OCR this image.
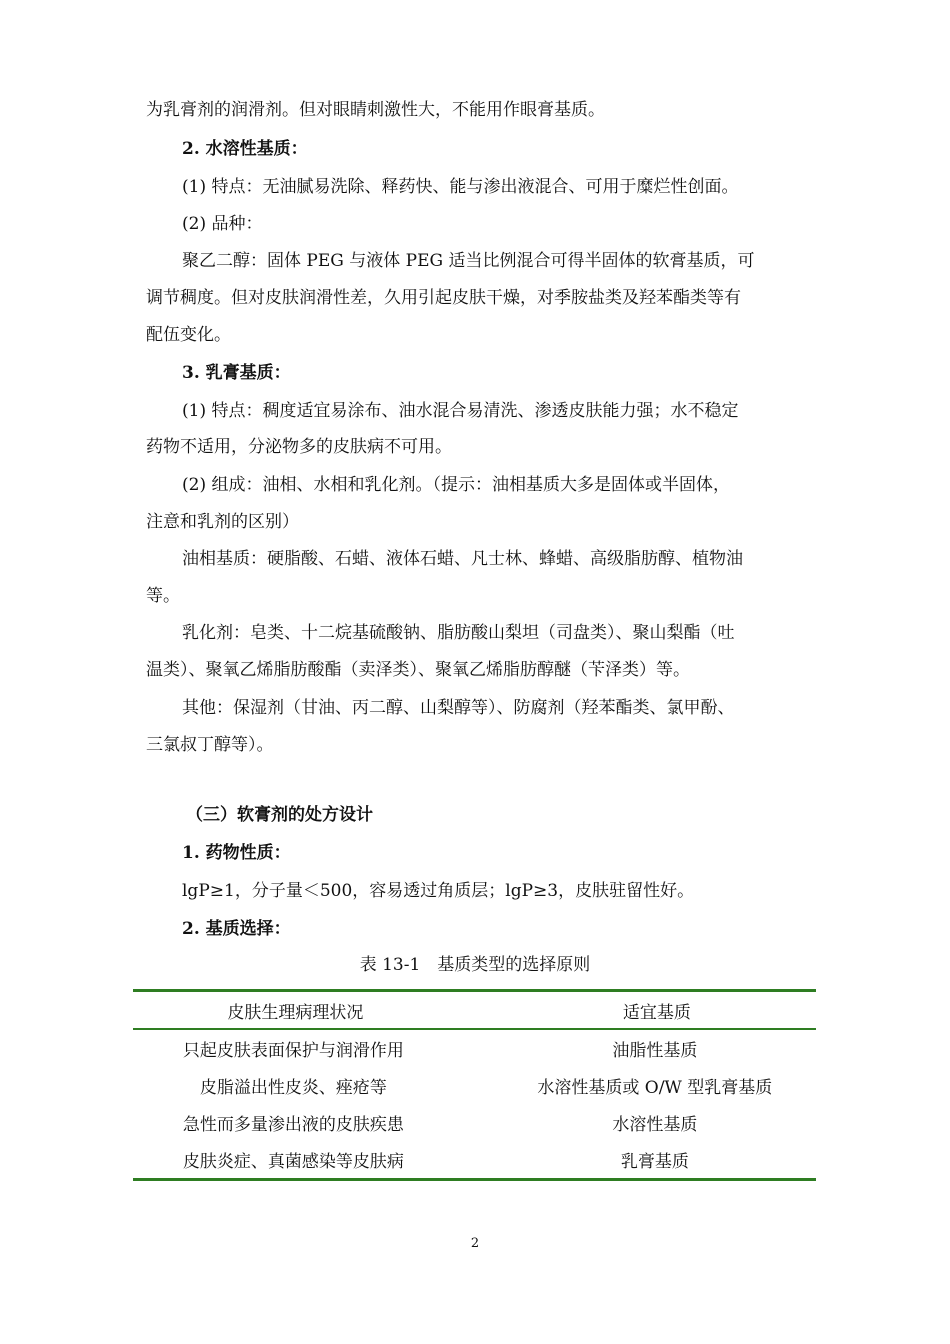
为乳膏剂的润滑剂。但对眼睛刺激性大，不能用作眼膏基质。
2. 水溶性基质：
(1) 特点：无油腻易洗除、释药快、能与渗出液混合、可用于糜烂性创面。
(2) 品种：
聚乙二醇：固体 PEG 与液体 PEG 适当比例混合可得半固体的软膏基质，可
调节稠度。但对皮肤润滑性差，久用引起皮肤干燥，对季胺盐类及羟苯酯类等有
配伍变化。
3. 乳膏基质：
(1) 特点：稠度适宜易涂布、油水混合易清洗、渗透皮肤能力强；水不稳定
药物不适用，分泌物多的皮肤病不可用。
(2) 组成：油相、水相和乳化剂。（提示：油相基质大多是固体或半固体，
注意和乳剂的区别）
油相基质：硬脂酸、石蜡、液体石蜡、凡士林、蜂蜡、高级脂肪醇、植物油
等。
乳化剂：皂类、十二烷基硫酸钠、脂肪酸山梨坦（司盘类）、聚山梨酯（吐
温类）、聚氧乙烯脂肪酸酯（卖泽类）、聚氧乙烯脂肪醇醚（苄泽类）等。
其他：保湿剂（甘油、丙二醇、山梨醇等）、防腐剂（羟苯酯类、氯甲酚、
三氯叔丁醇等）。
（三）软膏剂的处方设计
1. 药物性质：
lgP≥1，分子量＜500，容易透过角质层；lgP≥3，皮肤驻留性好。
2. 基质选择：
表 13-1　基质类型的选择原则
皮肤生理病理状况	适宜基质
只起皮肤表面保护与润滑作用	油脂性基质
皮脂溢出性皮炎、痤疮等	水溶性基质或 O/W 型乳膏基质
急性而多量渗出液的皮肤疾患	水溶性基质
皮肤炎症、真菌感染等皮肤病	乳膏基质
2
